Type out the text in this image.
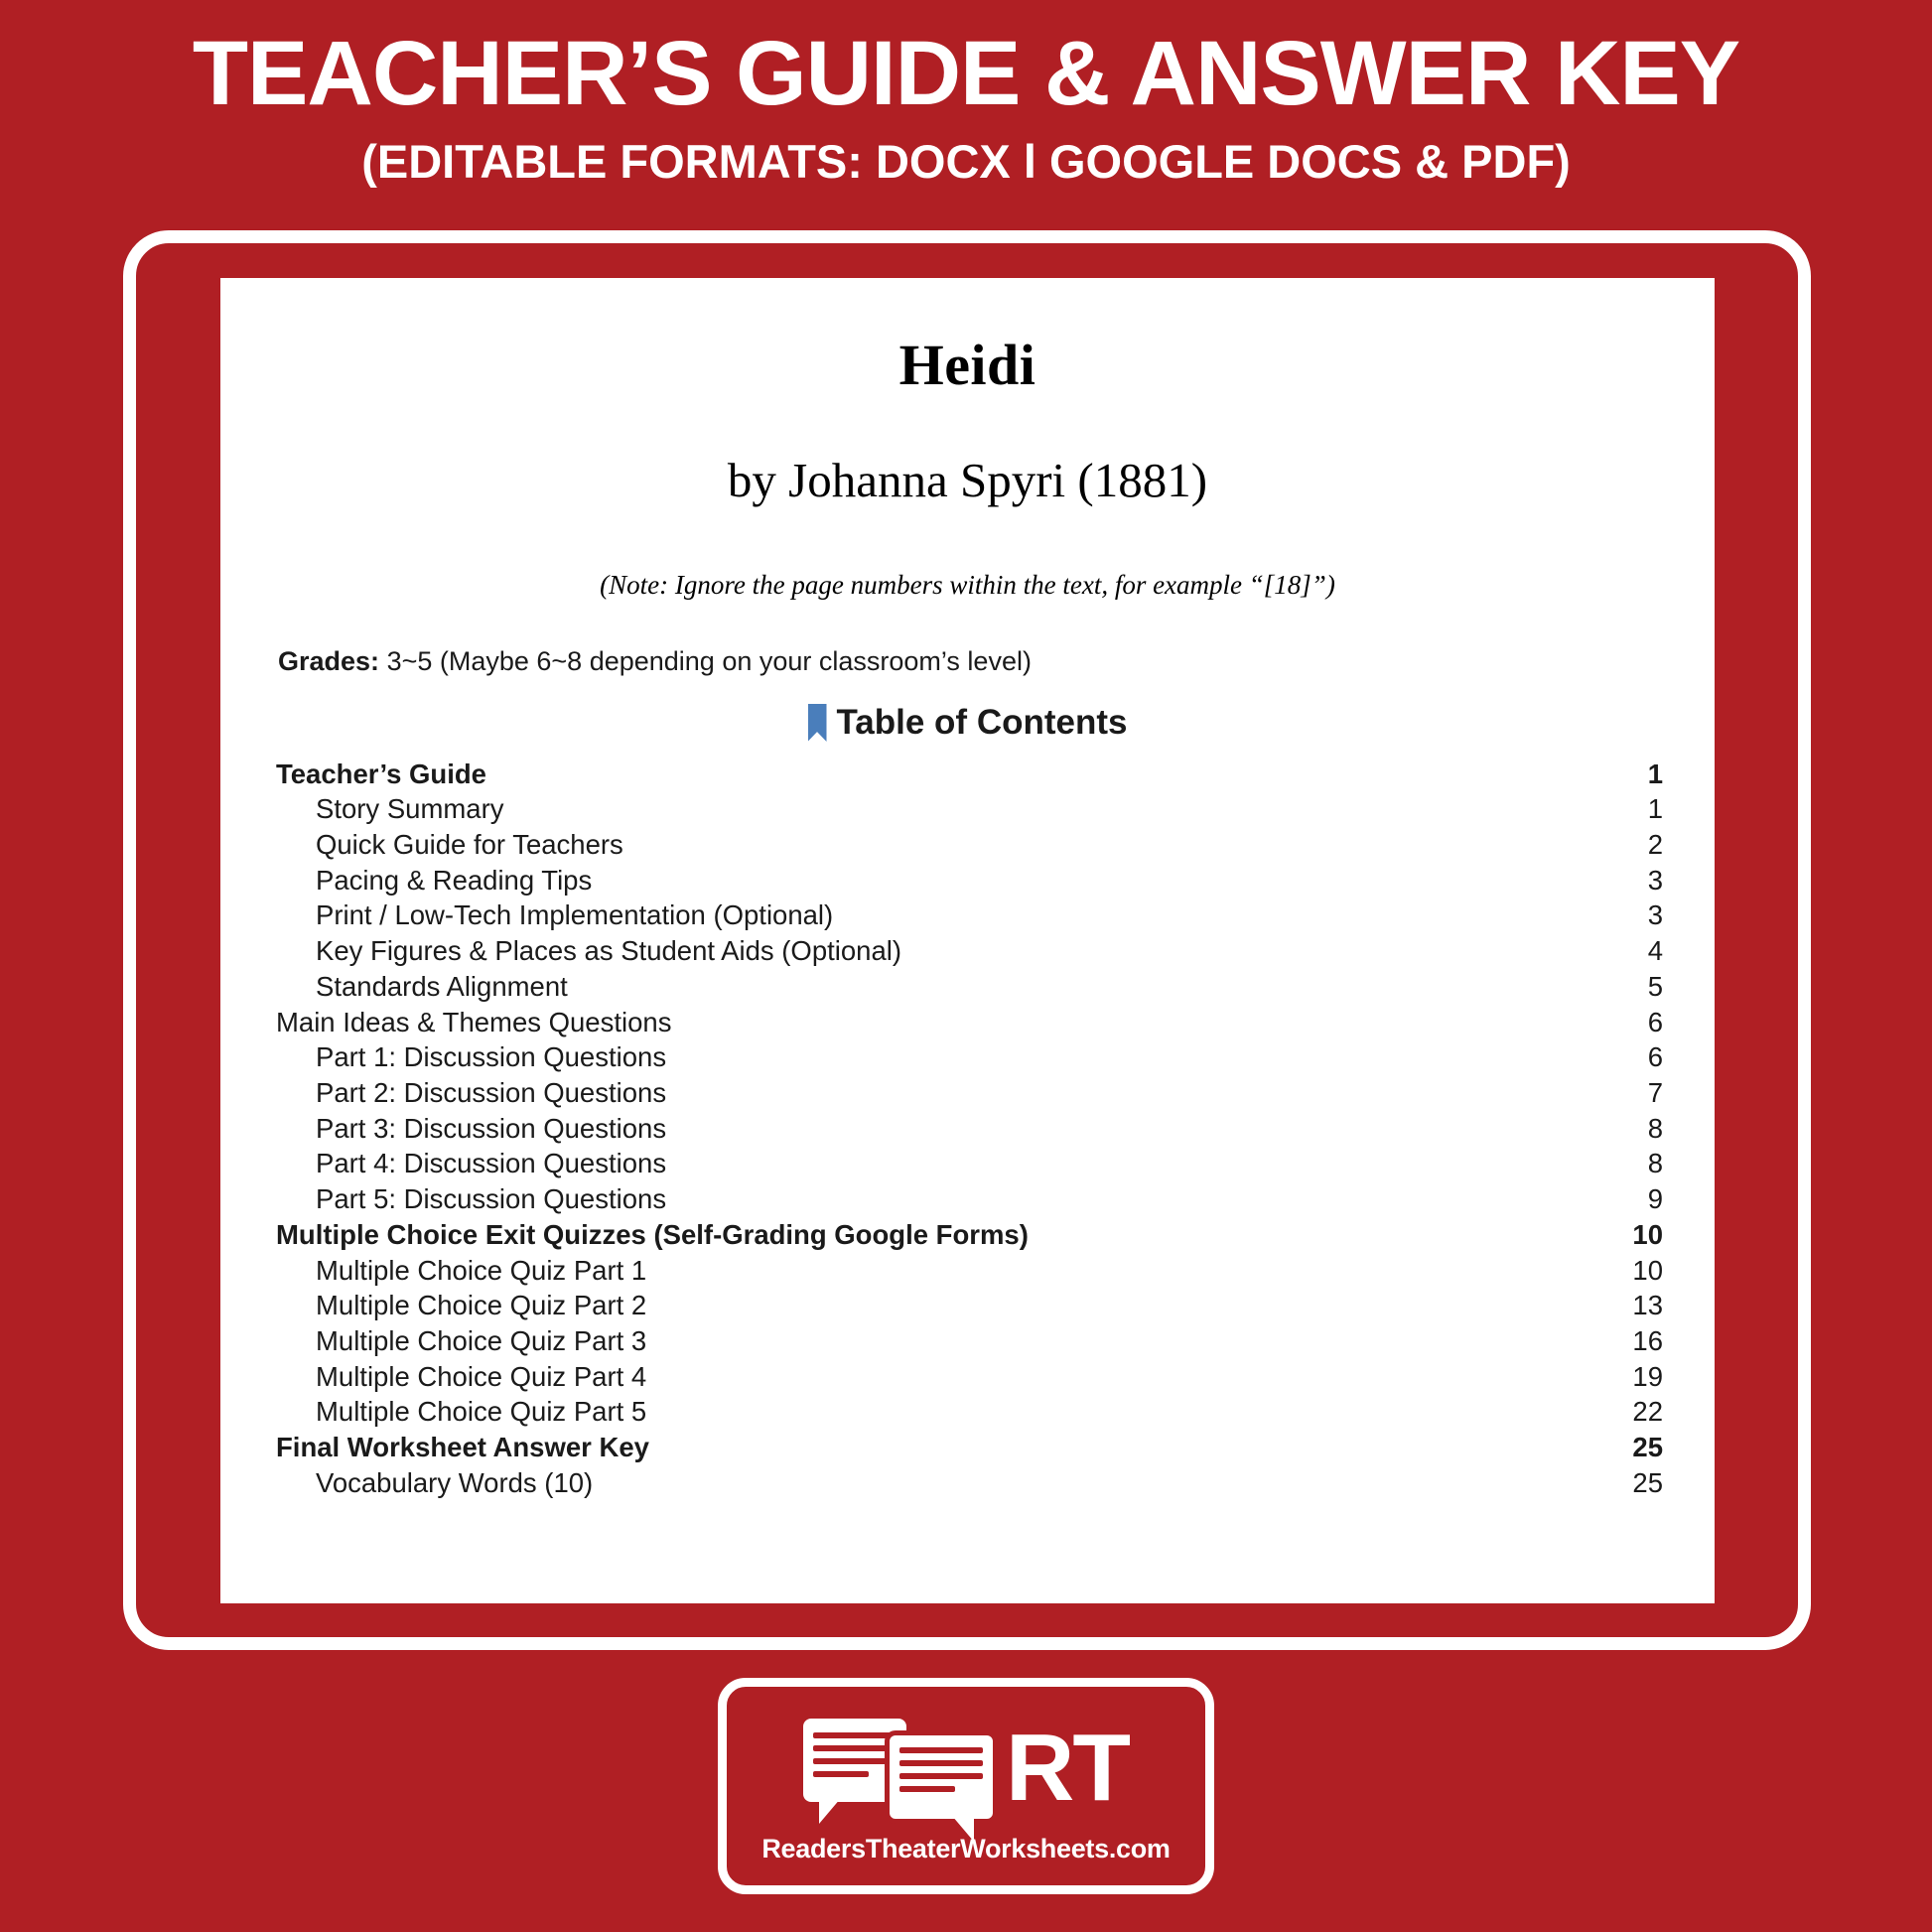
TEACHER’S GUIDE & ANSWER KEY
(EDITABLE FORMATS: DOCX l GOOGLE DOCS & PDF)
Heidi
by Johanna Spyri (1881)
(Note: Ignore the page numbers within the text, for example “[18]”)
Grades: 3~5 (Maybe 6~8 depending on your classroom’s level)
Table of Contents
Teacher’s Guide	1
Story Summary	1
Quick Guide for Teachers	2
Pacing & Reading Tips	3
Print / Low-Tech Implementation (Optional)	3
Key Figures & Places as Student Aids (Optional)	4
Standards Alignment	5
Main Ideas & Themes Questions	6
Part 1: Discussion Questions	6
Part 2: Discussion Questions	7
Part 3: Discussion Questions	8
Part 4: Discussion Questions	8
Part 5: Discussion Questions	9
Multiple Choice Exit Quizzes (Self-Grading Google Forms)	10
Multiple Choice Quiz Part 1	10
Multiple Choice Quiz Part 2	13
Multiple Choice Quiz Part 3	16
Multiple Choice Quiz Part 4	19
Multiple Choice Quiz Part 5	22
Final Worksheet Answer Key	25
Vocabulary Words (10)	25
RT
ReadersTheaterWorksheets.com
